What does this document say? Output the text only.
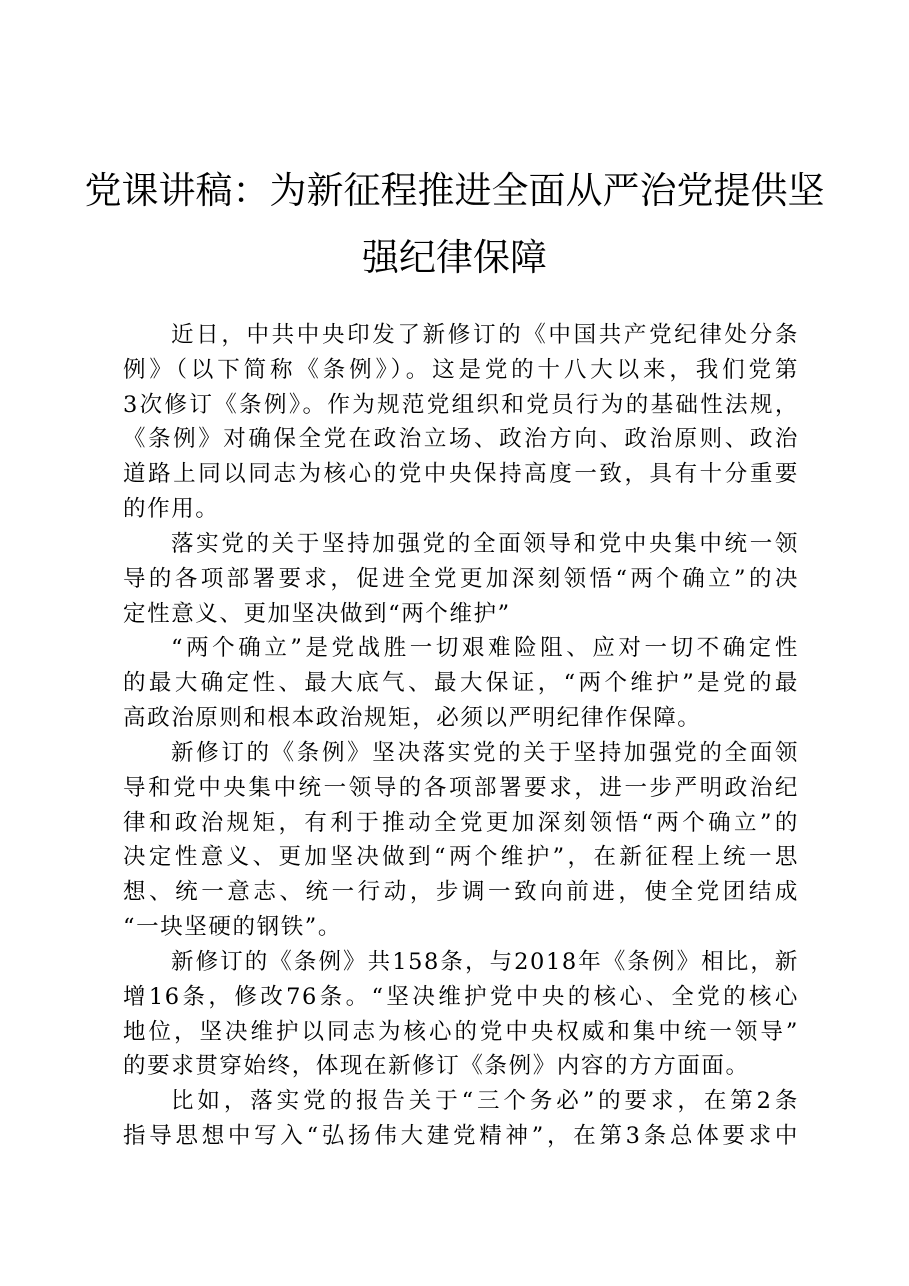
党课讲稿：为新征程推进全面从严治党提供坚
强纪律保障
近日，中共中央印发了新修订的《中国共产党纪律处分条
例》（以下简称《条例》）。这是党的十八大以来，我们党第
3次修订《条例》。作为规范党组织和党员行为的基础性法规，
《条例》对确保全党在政治立场、政治方向、政治原则、政治
道路上同以同志为核心的党中央保持高度一致，具有十分重要
的作用。
落实党的关于坚持加强党的全面领导和党中央集中统一领
导的各项部署要求，促进全党更加深刻领悟“两个确立”的决
定性意义、更加坚决做到“两个维护”
“两个确立”是党战胜一切艰难险阻、应对一切不确定性
的最大确定性、最大底气、最大保证，“两个维护”是党的最
高政治原则和根本政治规矩，必须以严明纪律作保障。
新修订的《条例》坚决落实党的关于坚持加强党的全面领
导和党中央集中统一领导的各项部署要求，进一步严明政治纪
律和政治规矩，有利于推动全党更加深刻领悟“两个确立”的
决定性意义、更加坚决做到“两个维护”，在新征程上统一思
想、统一意志、统一行动，步调一致向前进，使全党团结成
“一块坚硬的钢铁”。
新修订的《条例》共158条，与2018年《条例》相比，新
增16条，修改76条。“坚决维护党中央的核心、全党的核心
地位，坚决维护以同志为核心的党中央权威和集中统一领导”
的要求贯穿始终，体现在新修订《条例》内容的方方面面。
比如，落实党的报告关于“三个务必”的要求，在第2条
指导思想中写入“弘扬伟大建党精神”，在第3条总体要求中
